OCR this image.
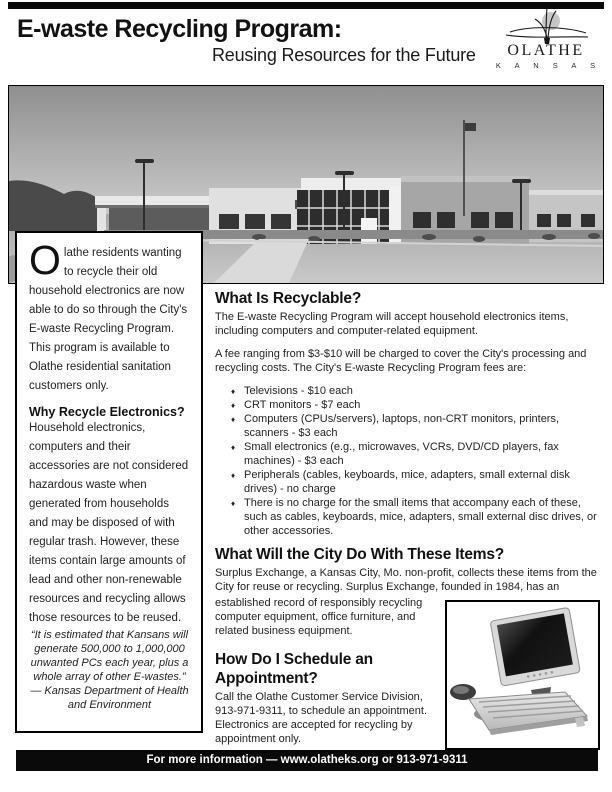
E-waste Recycling Program:
Reusing Resources for the Future	OLATHE
K A N S A S

Olathe residents wanting to recycle their old household electronics are now able to do so through the City's E-waste Recycling Program. This program is available to Olathe residential sanitation customers only.

Why Recycle Electronics?

Household electronics, computers and their accessories are not considered hazardous waste when generated from households and may be disposed of with regular trash. However, these items contain large amounts of lead and other non-renewable resources and recycling allows those resources to be reused.

“It is estimated that Kansans will generate 500,000 to 1,000,000 unwanted PCs each year, plus a whole array of other E-wastes.” — Kansas Department of Health and Environment
What Is Recyclable?

The E-waste Recycling Program will accept household electronics items, including computers and computer-related equipment.

A fee ranging from $3-$10 will be charged to cover the City's processing and recycling costs. The City's E-waste Recycling Program fees are:

♦ Televisions - $10 each
♦ CRT monitors - $7 each
♦ Computers (CPUs/servers), laptops, non-CRT monitors, printers, scanners - $3 each
♦ Small electronics (e.g., microwaves, VCRs, DVD/CD players, fax machines) - $3 each
♦ Peripherals (cables, keyboards, mice, adapters, small external disk drives) - no charge
♦ There is no charge for the small items that accompany each of these, such as cables, keyboards, mice, adapters, small external disc drives, or other accessories.
What Will the City Do With These Items?

Surplus Exchange, a Kansas City, Mo. non-profit, collects these items from the City for reuse or recycling. Surplus Exchange, founded in 1984, has an

established record of responsibly recycling computer equipment, office furniture, and related business equipment.

How Do I Schedule an Appointment?

Call the Olathe Customer Service Division, 913-971-9311, to schedule an appointment. Electronics are accepted for recycling by appointment only.

For more information — www.olatheks.org or 913-971-9311
